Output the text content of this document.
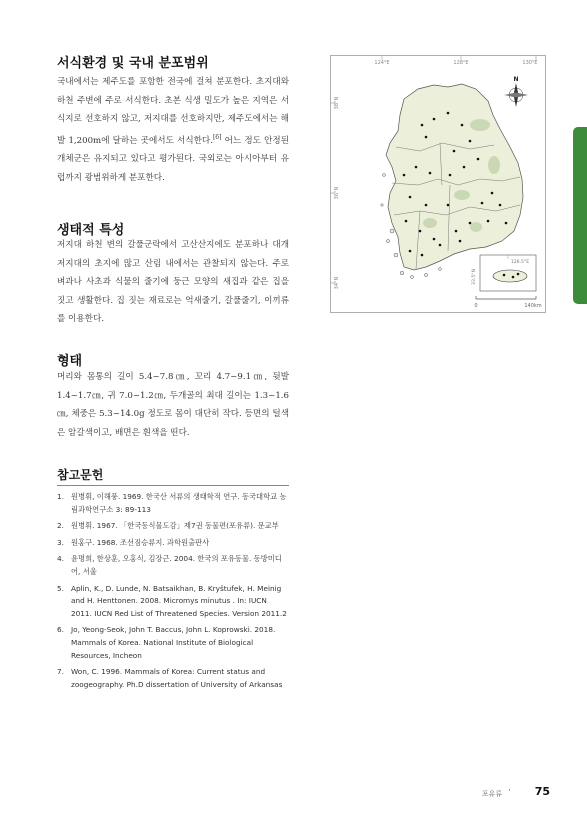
서식환경 및 국내 분포범위

국내에서는 제주도를 포함한 전국에 걸쳐 분포한다. 초지대와 하천 주변에 주로 서식한다. 초본 식생 밀도가 높은 지역은 서식지로 선호하지 않고, 저지대를 선호하지만, 제주도에서는 해발 1,200m에 달하는 곳에서도 서식한다.[6] 어느 정도 안정된 개체군은 유지되고 있다고 평가된다. 국외로는 아시아부터 유럽까지 광범위하게 분포한다.

생태적 특성

저지대 하천 변의 갈풀군락에서 고산산지에도 분포하나 대개 저지대의 초지에 많고 산림 내에서는 관찰되지 않는다. 주로 벼과나 사초과 식물의 줄기에 둥근 모양의 새집과 같은 집을 짓고 생활한다. 집 짓는 재료로는 억새줄기, 갈풀줄기, 이끼류를 이용한다.

형태

머리와 몸통의 길이 5.4~7.8㎝, 꼬리 4.7~9.1㎝, 뒷발 1.4~1.7㎝, 귀 7.0~1.2㎝, 두개골의 최대 길이는 1.3~1.6㎝, 체중은 5.3~14.0g 정도로 몸이 대단히 작다. 등면의 털색은 암갈색이고, 배면은 흰색을 띤다.

참고문헌
1. 원병휘, 이해풍. 1969. 한국산 서류의 생태학적 연구. 동국대학교 농림과학연구소 3: 89-113
2. 원병휘. 1967. 「한국동식물도감」제7권 동물편(포유류). 문교부
3. 원홍구. 1968. 조선짐승류지. 과학원출판사
4. 윤명희, 한상훈, 오홍식, 김장근. 2004. 한국의 포유동물. 동방미디어, 서울
5. Aplin, K., D. Lunde, N. Batsaikhan, B. Kryštufek, H. Meinig and H. Henttonen. 2008. Micromys minutus . In: IUCN 2011. IUCN Red List of Threatened Species. Version 2011.2
6. Jo, Yeong-Seok, John T. Baccus, John L. Koprowski. 2018. Mammals of Korea. National Institute of Biological Resources, Incheon
7. Won, C. 1996. Mammals of Korea: Current status and zoogeography. Ph.D dissertation of University of Arkansas
124°E	128°E	130°E
38°N
36°N
34°N
N
126.5°E
33.5°N
0	140km
포유류 · 75
